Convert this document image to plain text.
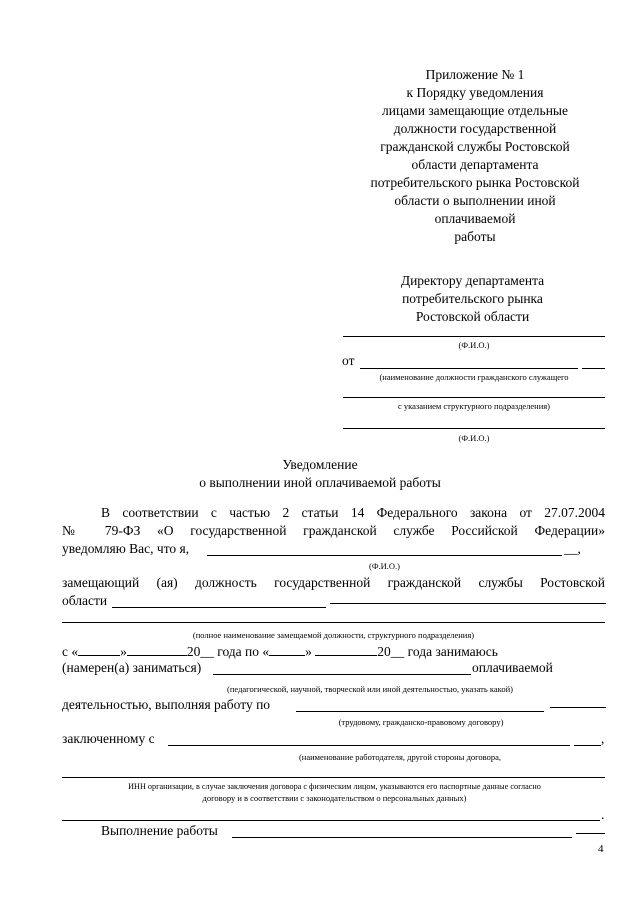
Приложение № 1
к Порядку уведомления
лицами замещающие отдельные
должности государственной
гражданской службы Ростовской
области департамента
потребительского рынка Ростовской
области о выполнении иной
оплачиваемой
работы
Директору департамента
потребительского рынка
Ростовской области
(Ф.И.О.)
от
(наименование должности гражданского служащего
с указанием структурного подразделения)
(Ф.И.О.)
Уведомление
о выполнении иной оплачиваемой работы
В соответствии с частью 2 статьи 14 Федерального закона от 27.07.2004
№ 79-ФЗ «О государственной гражданской службе Российской Федерации»
уведомляю Вас, что я,	__,
(Ф.И.О.)
замещающий (ая) должность государственной гражданской службы Ростовской
области
(полное наименование замещаемой должности, структурного подразделения)
с «	»	20__ года по «	»	20__ года занимаюсь
(намерен(а) заниматься)	оплачиваемой
(педагогической, научной, творческой или иной деятельностью, указать какой)
деятельностью, выполняя работу по
(трудовому, гражданско-правовому договору)
заключенному с	,
(наименование работодателя, другой стороны договора,
ИНН организации, в случае заключения договора с физическим лицом, указываются его паспортные данные согласно
договору и в соответствии с законодательством о персональных данных)
.
Выполнение работы
4
